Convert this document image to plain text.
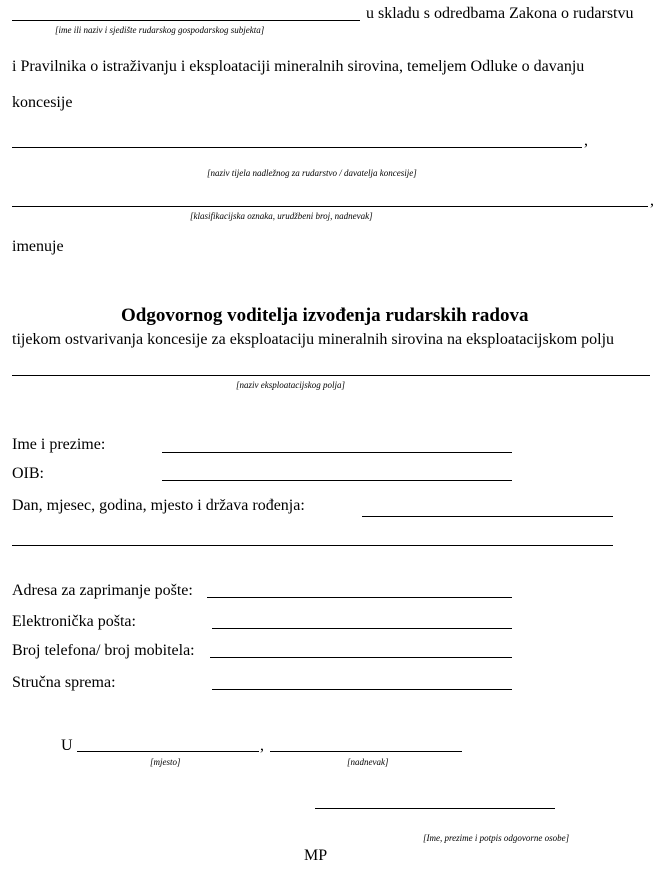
u skladu s odredbama Zakona o rudarstvu
[ime ili naziv i sjedište rudarskog gospodarskog subjekta]
i Pravilnika o istraživanju i eksploataciji mineralnih sirovina, temeljem Odluke o davanju
koncesije
,
[naziv tijela nadležnog za rudarstvo / davatelja koncesije]
,
[klasifikacijska oznaka, urudžbeni broj, nadnevak]
imenuje
Odgovornog voditelja izvođenja rudarskih radova
tijekom ostvarivanja koncesije za eksploataciju mineralnih sirovina na eksploatacijskom polju
[naziv eksploatacijskog polja]
Ime i prezime:
OIB:
Dan, mjesec, godina, mjesto i država rođenja:
Adresa za zaprimanje pošte:
Elektronička pošta:
Broj telefona/ broj mobitela:
Stručna sprema:
U	,
[mjesto]	[nadnevak]
[Ime, prezime i potpis odgovorne osobe]
MP
